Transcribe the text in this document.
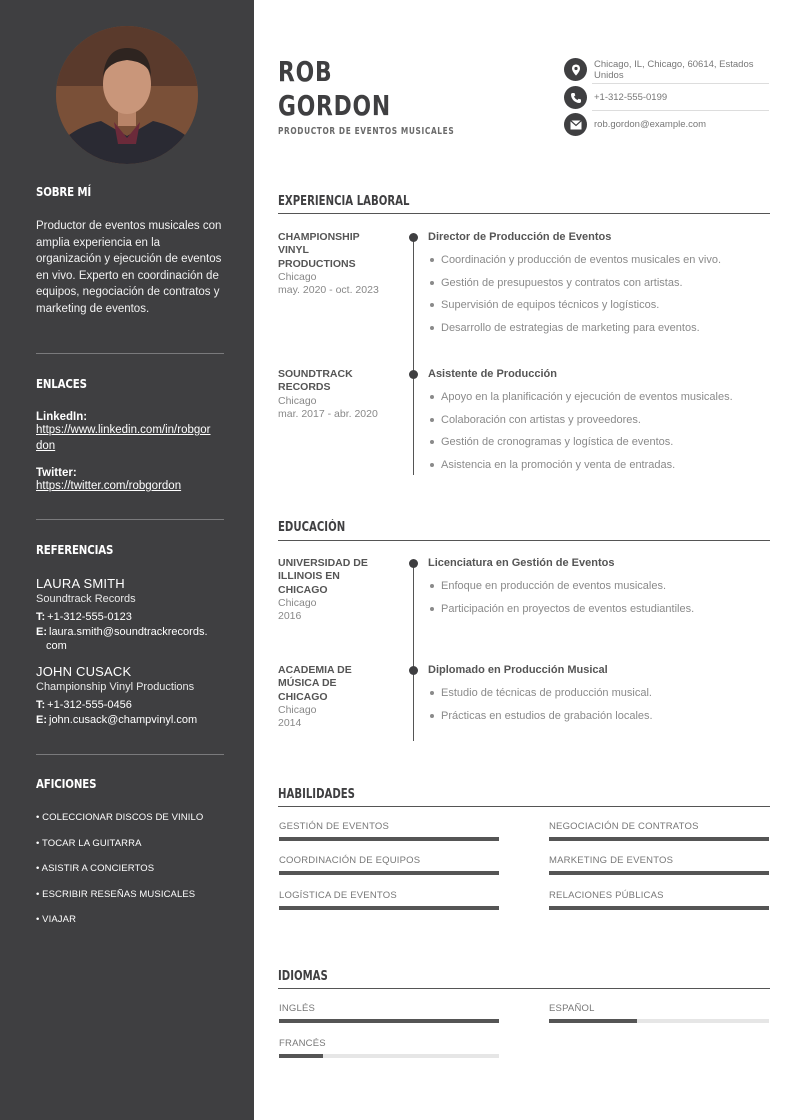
SOBRE MÍ
Productor de eventos musicales con amplia experiencia en la organización y ejecución de eventos en vivo. Experto en coordinación de equipos, negociación de contratos y marketing de eventos.
ENLACES
LinkedIn:
https://www.linkedin.com/in/robgordon
Twitter:
https://twitter.com/robgordon
REFERENCIAS
LAURA SMITH
Soundtrack Records
T: +1-312-555-0123
E: laura.smith@soundtrackrecords.
com
JOHN CUSACK
Championship Vinyl Productions
T: +1-312-555-0456
E: john.cusack@champvinyl.com
AFICIONES
• COLECCIONAR DISCOS DE VINILO
• TOCAR LA GUITARRA
• ASISTIR A CONCIERTOS
• ESCRIBIR RESEÑAS MUSICALES
• VIAJAR
ROB
GORDON
PRODUCTOR DE EVENTOS MUSICALES
Chicago, IL, Chicago, 60614, Estados Unidos
+1-312-555-0199
rob.gordon@example.com
EXPERIENCIA LABORAL
CHAMPIONSHIP
VINYL
PRODUCTIONS
Chicago
may. 2020 - oct. 2023
Director de Producción de Eventos
Coordinación y producción de eventos musicales en vivo.
Gestión de presupuestos y contratos con artistas.
Supervisión de equipos técnicos y logísticos.
Desarrollo de estrategias de marketing para eventos.
SOUNDTRACK
RECORDS
Chicago
mar. 2017 - abr. 2020
Asistente de Producción
Apoyo en la planificación y ejecución de eventos musicales.
Colaboración con artistas y proveedores.
Gestión de cronogramas y logística de eventos.
Asistencia en la promoción y venta de entradas.
EDUCACIÓN
UNIVERSIDAD DE
ILLINOIS EN
CHICAGO
Chicago
2016
Licenciatura en Gestión de Eventos
Enfoque en producción de eventos musicales.
Participación en proyectos de eventos estudiantiles.
ACADEMIA DE
MÚSICA DE
CHICAGO
Chicago
2014
Diplomado en Producción Musical
Estudio de técnicas de producción musical.
Prácticas en estudios de grabación locales.
HABILIDADES
GESTIÓN DE EVENTOS	NEGOCIACIÓN DE CONTRATOS
COORDINACIÓN DE EQUIPOS	MARKETING DE EVENTOS
LOGÍSTICA DE EVENTOS	RELACIONES PÚBLICAS
IDIOMAS
INGLÉS	ESPAÑOL
FRANCÉS
